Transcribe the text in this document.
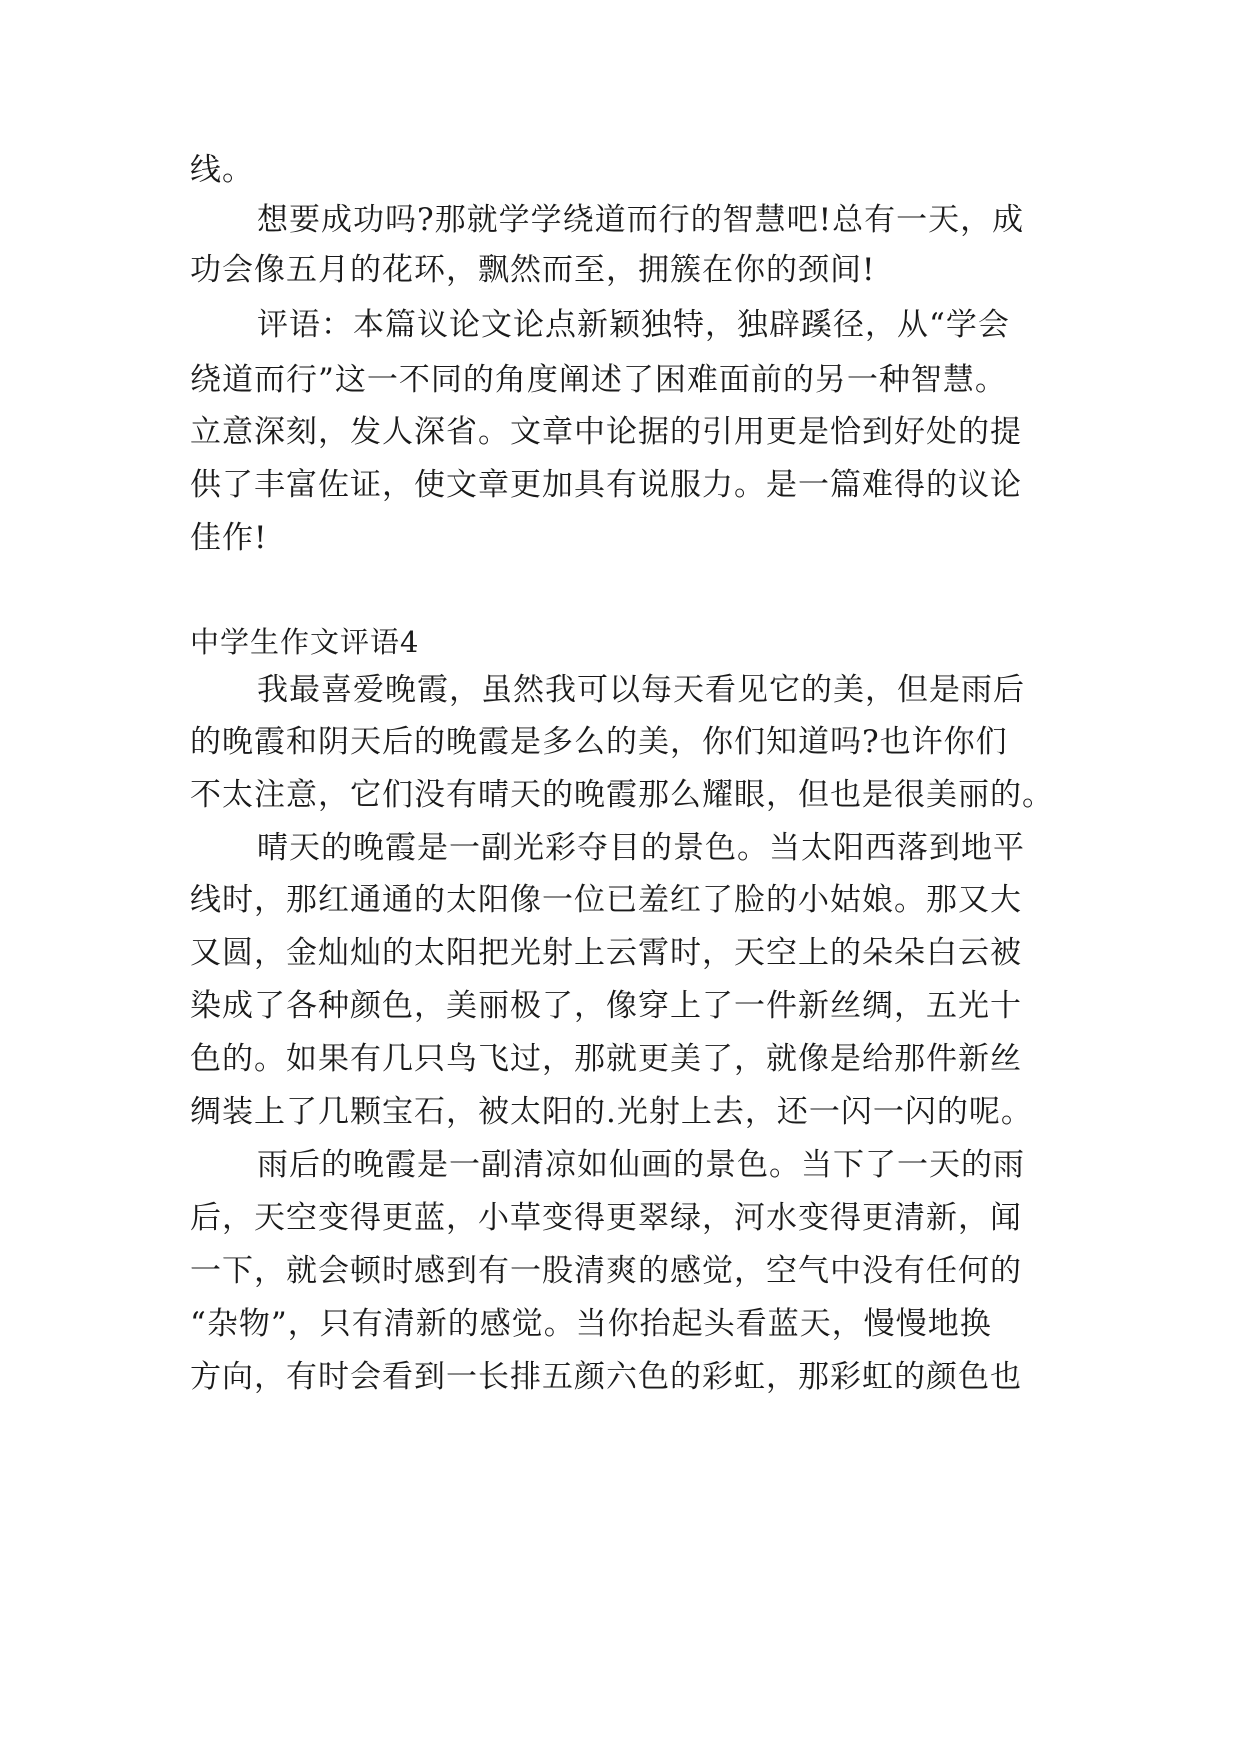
线。
想要成功吗?那就学学绕道而行的智慧吧!总有一天，成
功会像五月的花环，飘然而至，拥簇在你的颈间!
评语：本篇议论文论点新颖独特，独辟蹊径，从“学会
绕道而行”这一不同的角度阐述了困难面前的另一种智慧。
立意深刻，发人深省。文章中论据的引用更是恰到好处的提
供了丰富佐证，使文章更加具有说服力。是一篇难得的议论
佳作!
中学生作文评语4
我最喜爱晚霞，虽然我可以每天看见它的美，但是雨后
的晚霞和阴天后的晚霞是多么的美，你们知道吗?也许你们
不太注意，它们没有晴天的晚霞那么耀眼，但也是很美丽的。
晴天的晚霞是一副光彩夺目的景色。当太阳西落到地平
线时，那红通通的太阳像一位已羞红了脸的小姑娘。那又大
又圆，金灿灿的太阳把光射上云霄时，天空上的朵朵白云被
染成了各种颜色，美丽极了，像穿上了一件新丝绸，五光十
色的。如果有几只鸟飞过，那就更美了，就像是给那件新丝
绸装上了几颗宝石，被太阳的.光射上去，还一闪一闪的呢。
雨后的晚霞是一副清凉如仙画的景色。当下了一天的雨
后，天空变得更蓝，小草变得更翠绿，河水变得更清新，闻
一下，就会顿时感到有一股清爽的感觉，空气中没有任何的
“杂物”，只有清新的感觉。当你抬起头看蓝天，慢慢地换
方向，有时会看到一长排五颜六色的彩虹，那彩虹的颜色也
